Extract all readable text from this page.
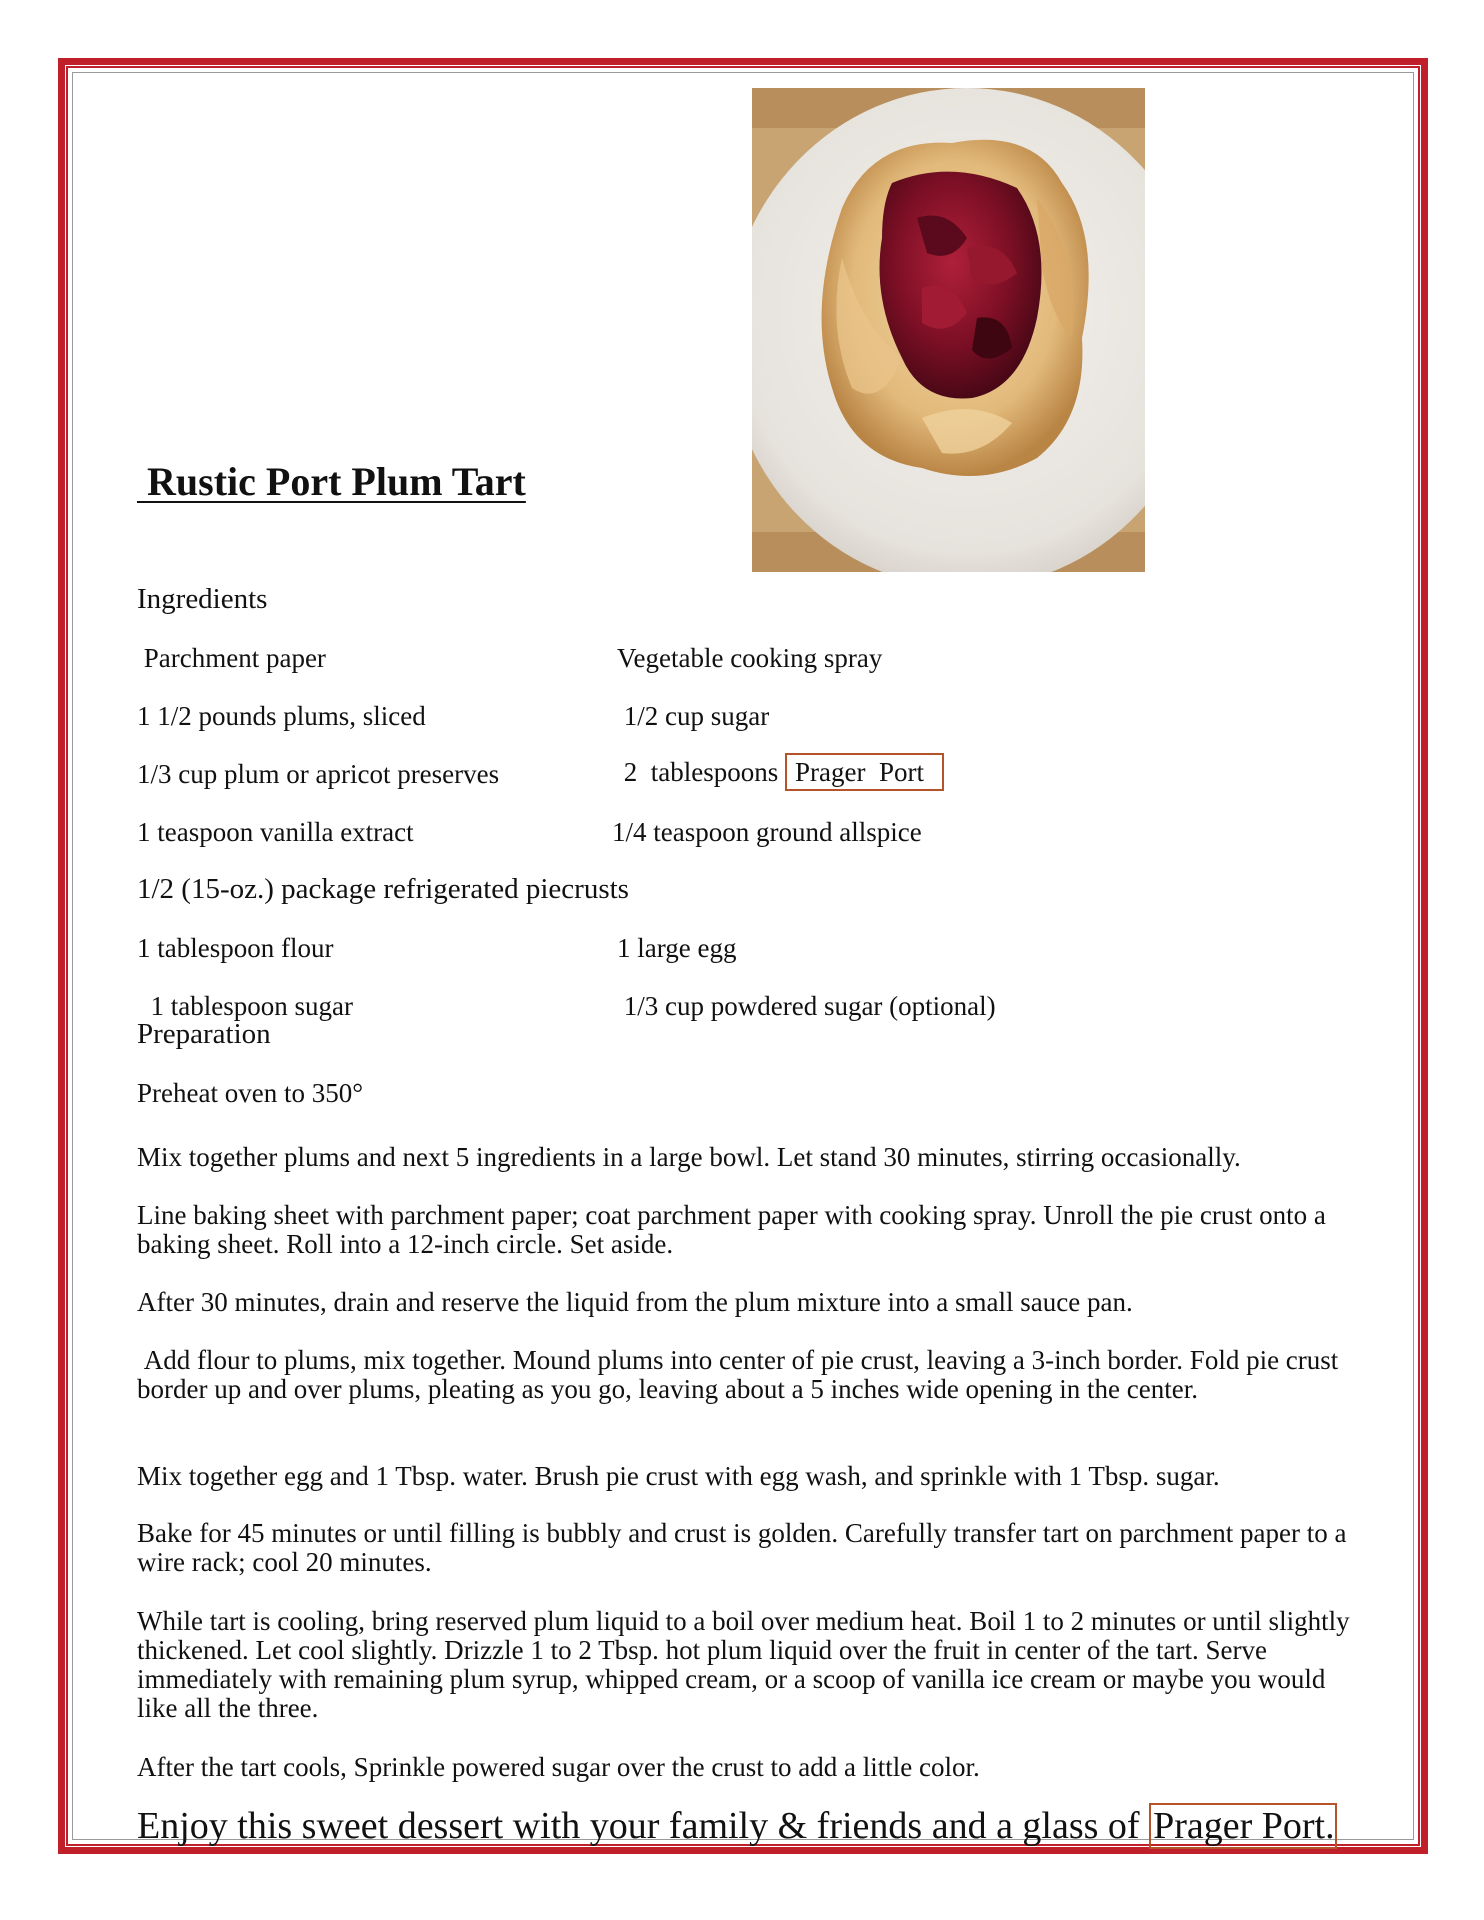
Rustic Port Plum Tart
Ingredients
Parchment paper	Vegetable cooking spray
1 1/2 pounds plums, sliced	1/2 cup sugar
1/3 cup plum or apricot preserves	2  tablespoons Prager  Port
1 teaspoon vanilla extract	1/4 teaspoon ground allspice
1/2 (15-oz.) package refrigerated piecrusts
1 tablespoon flour	1 large egg
1 tablespoon sugar	1/3 cup powdered sugar (optional)
Preparation
Preheat oven to 350°
Mix together plums and next 5 ingredients in a large bowl. Let stand 30 minutes, stirring occasionally.
Line baking sheet with parchment paper; coat parchment paper with cooking spray. Unroll the pie crust onto a baking sheet. Roll into a 12-inch circle. Set aside.
After 30 minutes, drain and reserve the liquid from the plum mixture into a small sauce pan.
Add flour to plums, mix together. Mound plums into center of pie crust, leaving a 3-inch border. Fold pie crust border up and over plums, pleating as you go, leaving about a 5 inches wide opening in the center.
Mix together egg and 1 Tbsp. water. Brush pie crust with egg wash, and sprinkle with 1 Tbsp. sugar.
Bake for 45 minutes or until filling is bubbly and crust is golden. Carefully transfer tart on parchment paper to a wire rack; cool 20 minutes.
While tart is cooling, bring reserved plum liquid to a boil over medium heat. Boil 1 to 2 minutes or until slightly thickened. Let cool slightly. Drizzle 1 to 2 Tbsp. hot plum liquid over the fruit in center of the tart. Serve immediately with remaining plum syrup, whipped cream, or a scoop of vanilla ice cream or maybe you would like all the three.
After the tart cools, Sprinkle powered sugar over the crust to add a little color.
Enjoy this sweet dessert with your family & friends and a glass of Prager Port.
